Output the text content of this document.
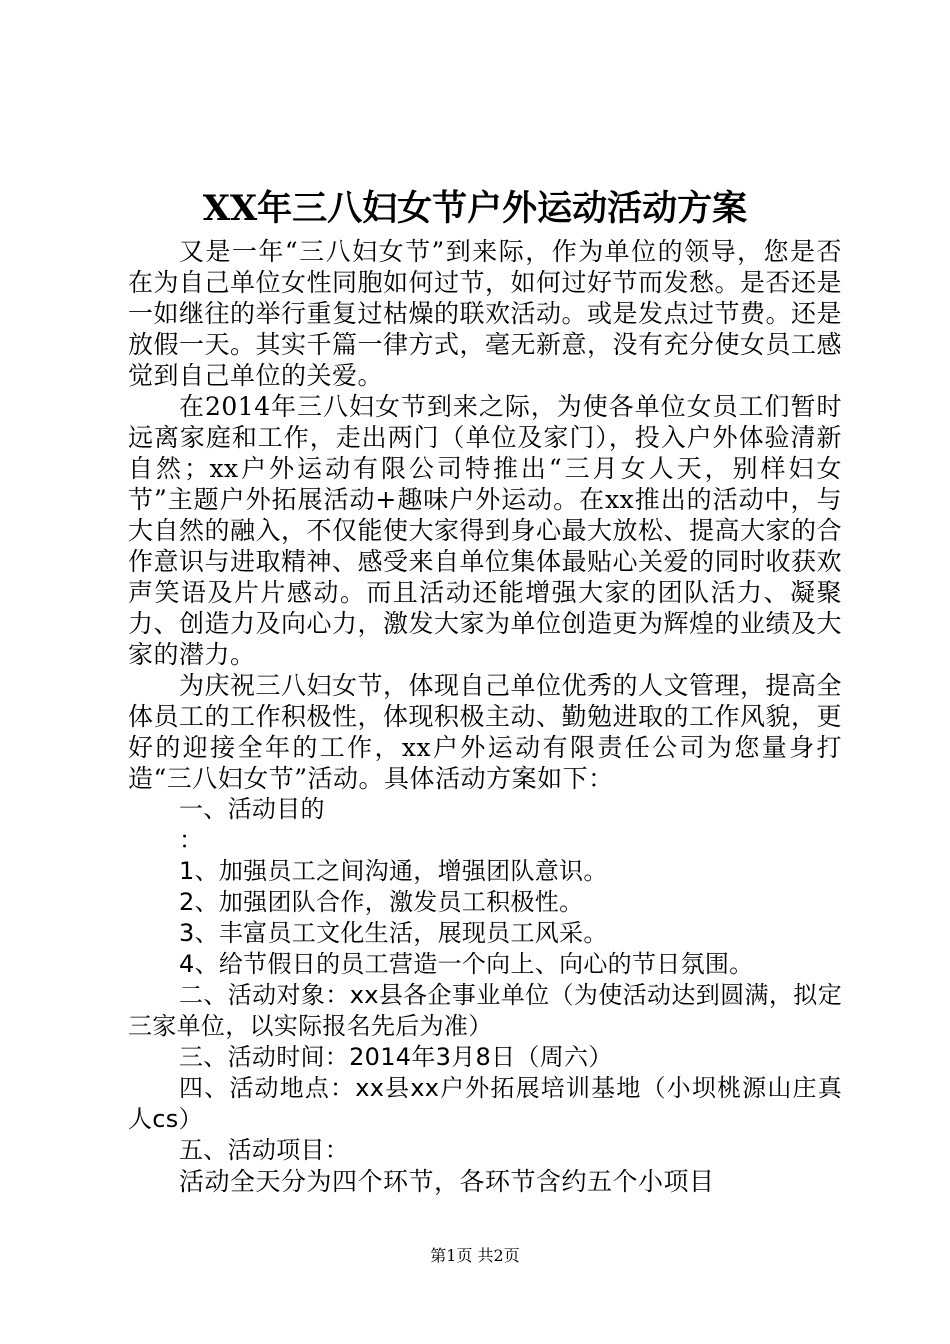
XX年三八妇女节户外运动活动方案

又是一年“三八妇女节”到来际，作为单位的领导，您是否在为自己单位女性同胞如何过节，如何过好节而发愁。是否还是一如继往的举行重复过枯燥的联欢活动。或是发点过节费。还是放假一天。其实千篇一律方式，毫无新意，没有充分使女员工感觉到自己单位的关爱。

在2014年三八妇女节到来之际，为使各单位女员工们暂时远离家庭和工作，走出两门（单位及家门），投入户外体验清新自然；xx户外运动有限公司特推出“三月女人天，别样妇女节”主题户外拓展活动+趣味户外运动。在xx推出的活动中，与大自然的融入，不仅能使大家得到身心最大放松、提高大家的合作意识与进取精神、感受来自单位集体最贴心关爱的同时收获欢声笑语及片片感动。而且活动还能增强大家的团队活力、凝聚力、创造力及向心力，激发大家为单位创造更为辉煌的业绩及大家的潜力。

为庆祝三八妇女节，体现自己单位优秀的人文管理，提高全体员工的工作积极性，体现积极主动、勤勉进取的工作风貌，更好的迎接全年的工作，xx户外运动有限责任公司为您量身打造“三八妇女节”活动。具体活动方案如下：

一、活动目的

：

1、加强员工之间沟通，增强团队意识。

2、加强团队合作，激发员工积极性。

3、丰富员工文化生活，展现员工风采。

4、给节假日的员工营造一个向上、向心的节日氛围。

二、活动对象：xx县各企事业单位（为使活动达到圆满，拟定三家单位，以实际报名先后为准）

三、活动时间：2014年3月8日（周六）

四、活动地点：xx县xx户外拓展培训基地（小坝桃源山庄真人cs）

五、活动项目：

活动全天分为四个环节，各环节含约五个小项目

第1页 共2页
